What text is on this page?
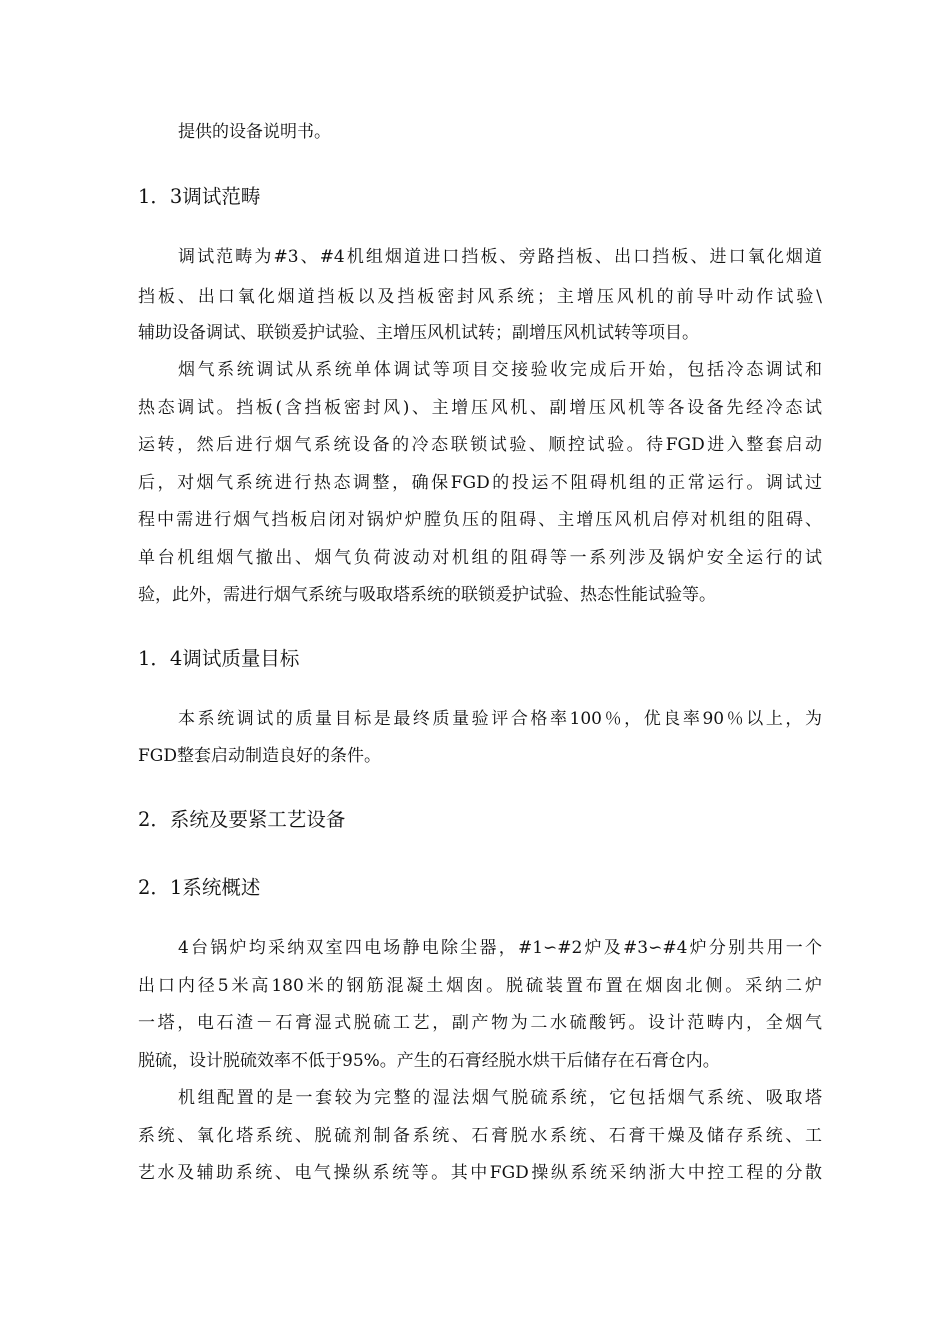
提供的设备说明书。
1．3调试范畴
调试范畴为#3、#4机组烟道进口挡板、旁路挡板、出口挡板、进口氧化烟道
挡板、出口氧化烟道挡板以及挡板密封风系统；主增压风机的前导叶动作试验\
辅助设备调试、联锁爰护试验、主增压风机试转；副增压风机试转等项目。
烟气系统调试从系统单体调试等项目交接验收完成后开始，包括冷态调试和
热态调试。挡板(含挡板密封风)、主增压风机、副增压风机等各设备先经冷态试
运转，然后进行烟气系统设备的冷态联锁试验、顺控试验。待FGD进入整套启动
后，对烟气系统进行热态调整，确保FGD的投运不阻碍机组的正常运行。调试过
程中需进行烟气挡板启闭对锅炉炉膛负压的阻碍、主增压风机启停对机组的阻碍、
单台机组烟气撤出、烟气负荷波动对机组的阻碍等一系列涉及锅炉安全运行的试
验，此外，需进行烟气系统与吸取塔系统的联锁爰护试验、热态性能试验等。
1．4调试质量目标
本系统调试的质量目标是最终质量验评合格率100％，优良率90％以上，为
FGD整套启动制造良好的条件。
2．系统及要紧工艺设备
2．1系统概述
4台锅炉均采纳双室四电场静电除尘器，#1∽#2炉及#3∽#4炉分别共用一个
出口内径5米高180米的钢筋混凝土烟囱。脱硫装置布置在烟囱北侧。采纳二炉
一塔，电石渣－石膏湿式脱硫工艺，副产物为二水硫酸钙。设计范畴内，全烟气
脱硫，设计脱硫效率不低于95%。产生的石膏经脱水烘干后储存在石膏仓内。
机组配置的是一套较为完整的湿法烟气脱硫系统，它包括烟气系统、吸取塔
系统、氧化塔系统、脱硫剂制备系统、石膏脱水系统、石膏干燥及储存系统、工
艺水及辅助系统、电气操纵系统等。其中FGD操纵系统采纳浙大中控工程的分散
